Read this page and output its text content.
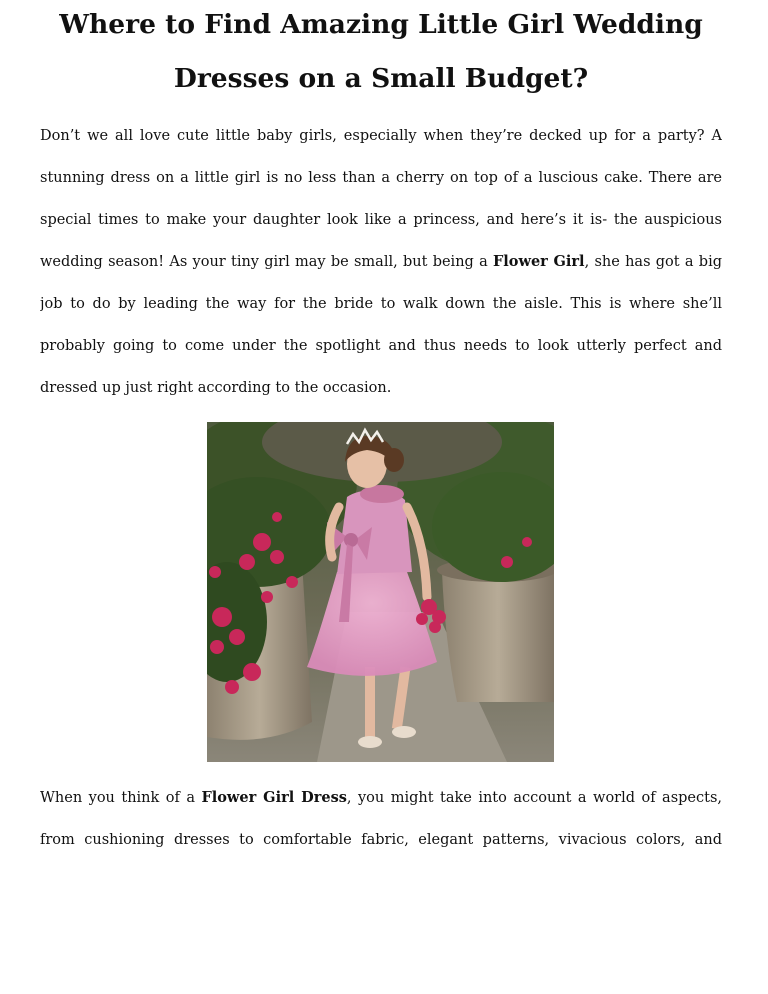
Where to Find Amazing Little Girl Wedding
Dresses on a Small Budget?
Don’t we all love cute little baby girls, especially when they’re decked up for a party? A
stunning dress on a little girl is no less than a cherry on top of a luscious cake. There are
special times to make your daughter look like a princess, and here’s it is- the auspicious
wedding season! As your tiny girl may be small, but being a Flower Girl, she has got a big
job to do by leading the way for the bride to walk down the aisle. This is where she’ll
probably going to come under the spotlight and thus needs to look utterly perfect and
dressed up just right according to the occasion.
When you think of a Flower Girl Dress, you might take into account a world of aspects,
from cushioning dresses to comfortable fabric, elegant patterns, vivacious colors, and
